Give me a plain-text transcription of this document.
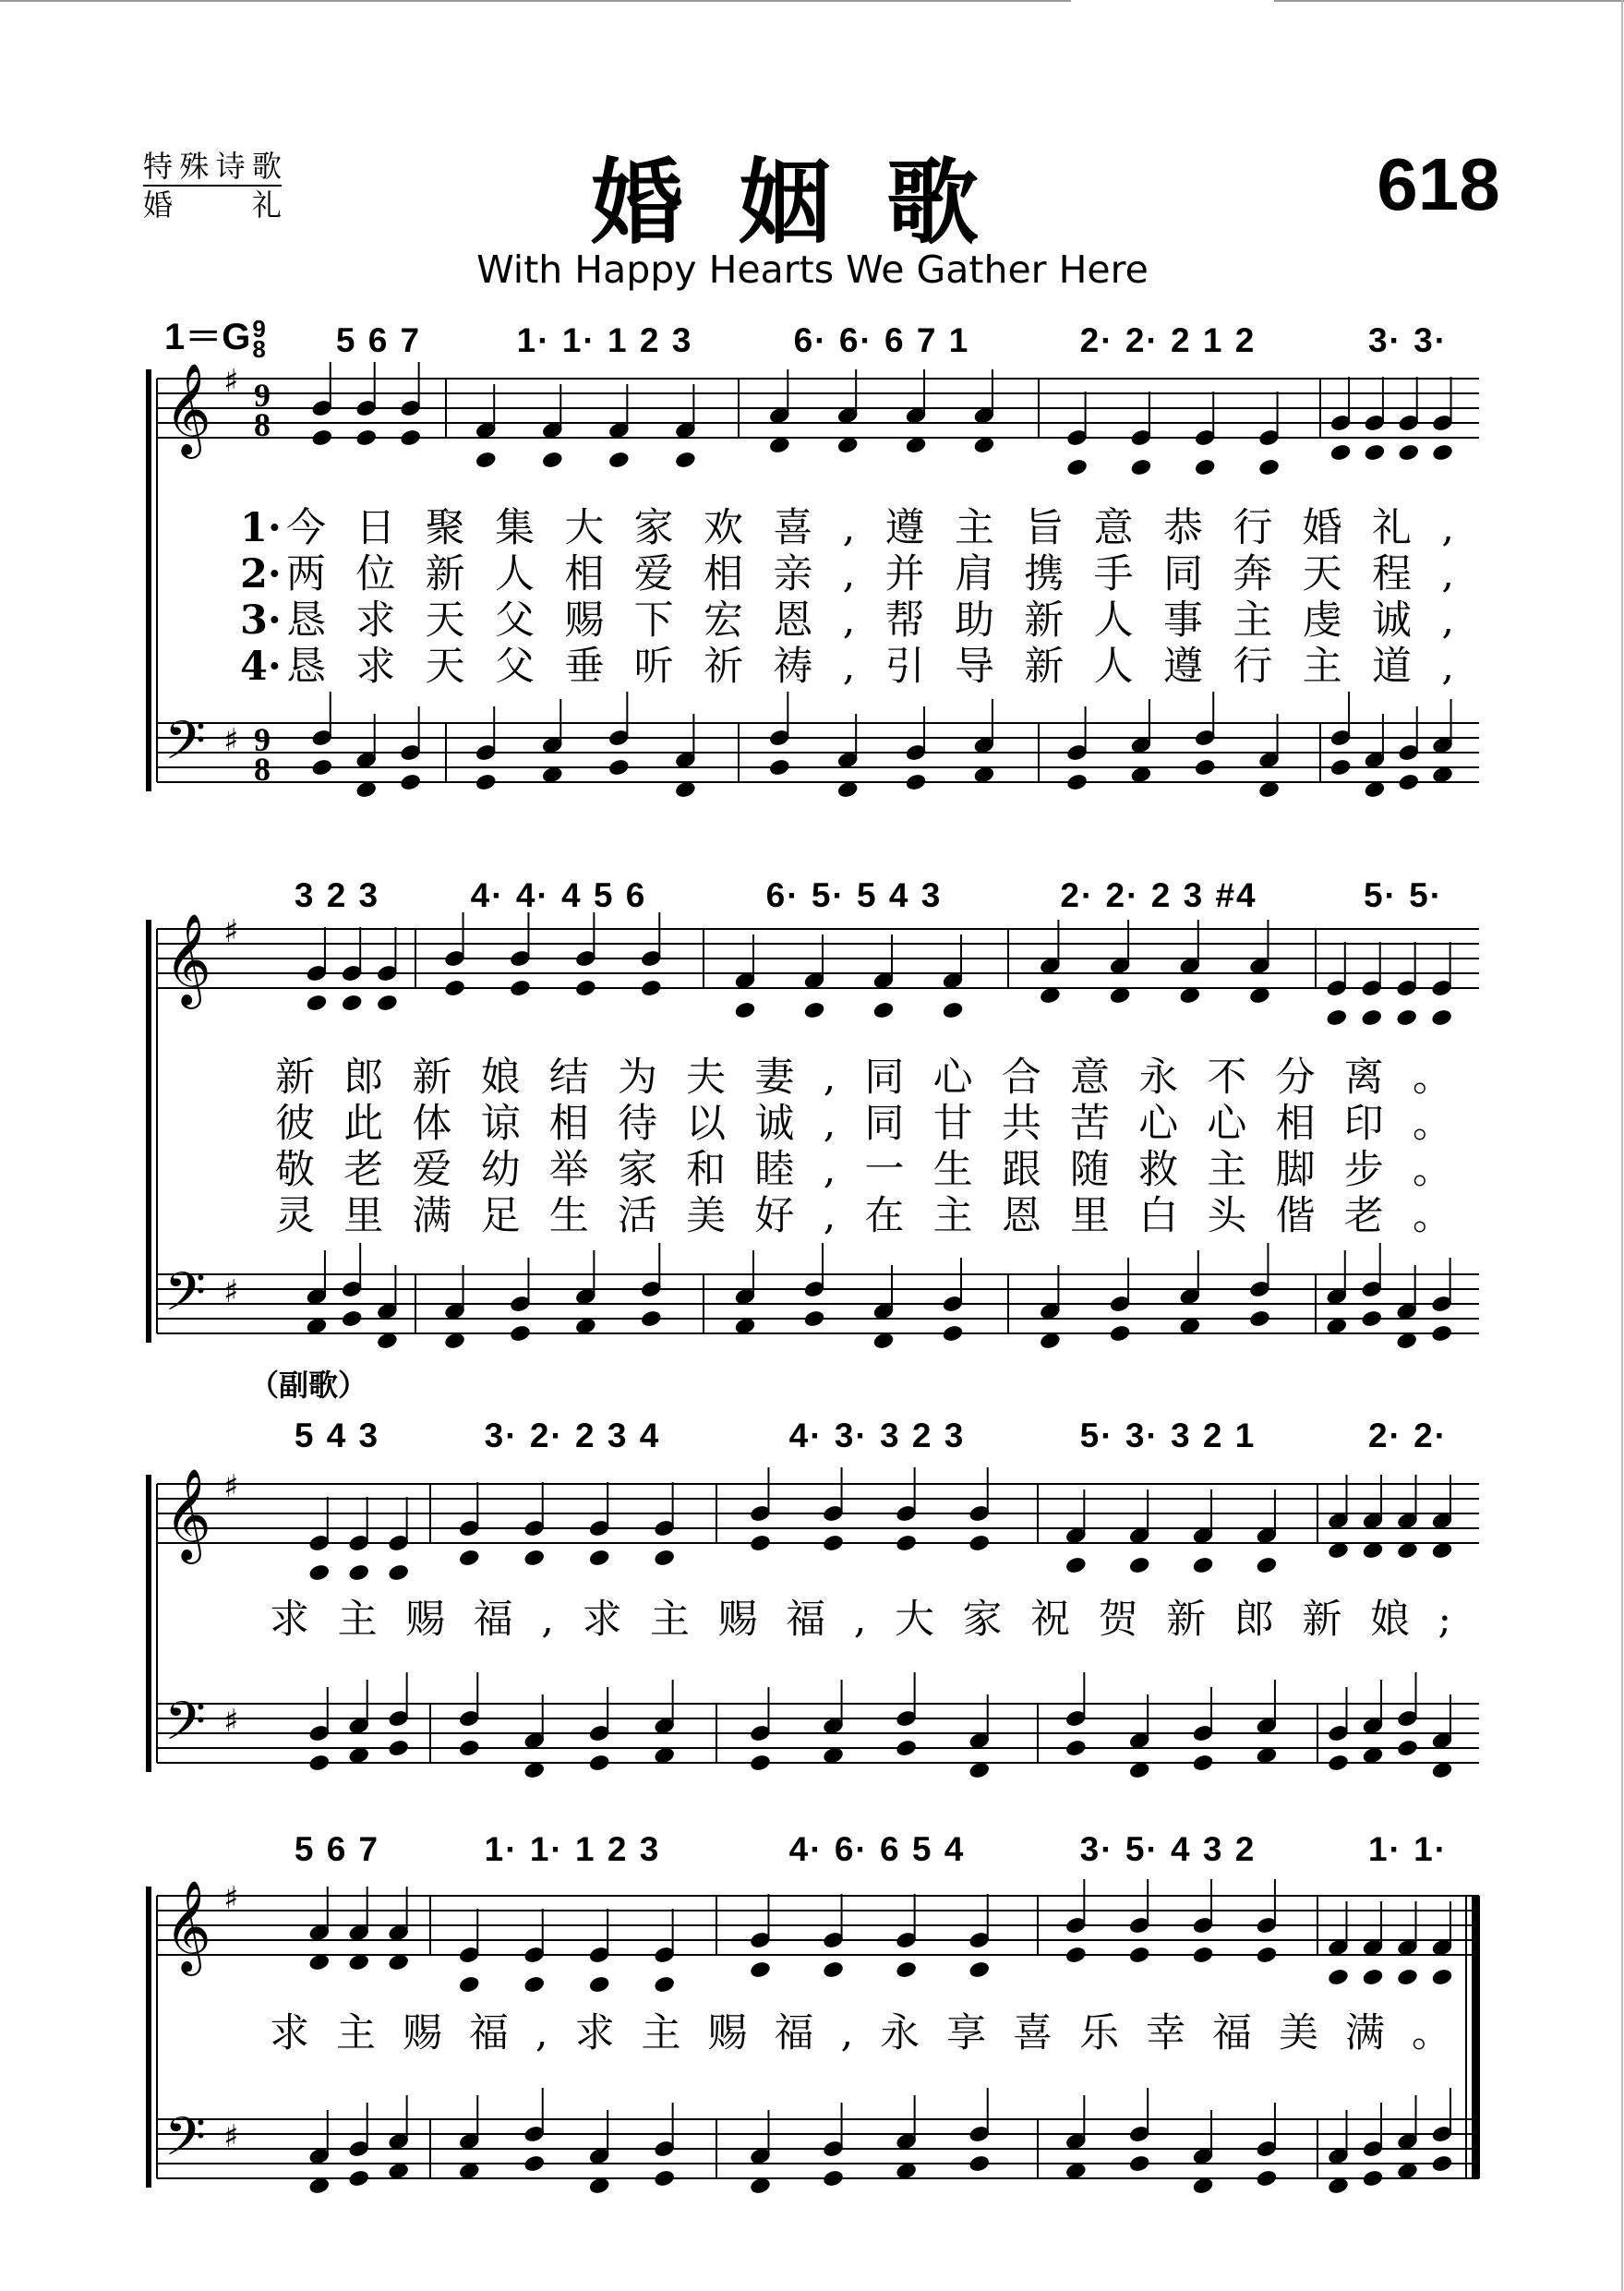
𝄞
𝄢
♯
♯
9
9
8
8
𝄞
𝄢
♯
♯
𝄞
𝄢
♯
♯
𝄞
𝄢
♯
♯
特殊诗歌
婚　礼	婚姻歌
With Happy Hearts We Gather Here
618
1＝G 9
8
（副歌）
5 6 7	1· 1· 1 2 3	6· 6· 6 7 1	2· 2· 2 1 2	3· 3·
1· 今日聚集大家欢喜,遵主旨意恭行婚礼,
2· 两位新人相爱相亲,并肩携手同奔天程,
3· 恳求天父赐下宏恩,帮助新人事主虔诚,
4· 恳求天父垂听祈祷,引导新人遵行主道,
3 2 3	4· 4· 4 5 6	6· 5· 5 4 3	2· 2· 2 3 #4	5· 5·
新郎新娘结为夫妻,同心合意永不分离。
彼此体谅相待以诚,同甘共苦心心相印。
敬老爱幼举家和睦,一生跟随救主脚步。
灵里满足生活美好,在主恩里白头偕老。
5 4 3	3· 2· 2 3 4	4· 3· 3 2 3	5· 3· 3 2 1	2· 2·
求主赐福,求主赐福,大家祝贺新郎新娘;
5 6 7	1· 1· 1 2 3	4· 6· 6 5 4	3· 5· 4 3 2	1· 1·
求主赐福,求主赐福,永享喜乐幸福美满。
